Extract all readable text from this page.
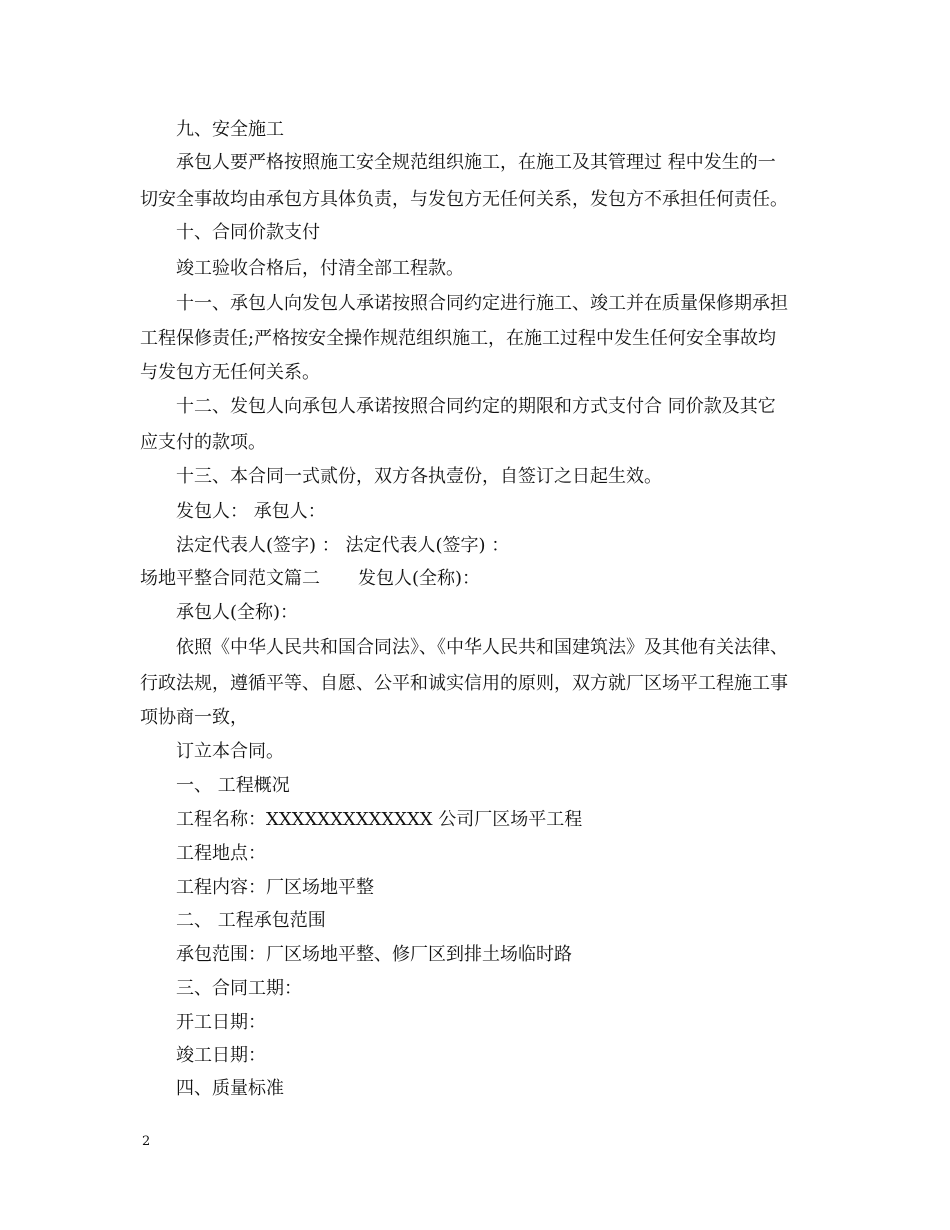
九、安全施工
承包人要严格按照施工安全规范组织施工，在施工及其管理过 程中发生的一
切安全事故均由承包方具体负责，与发包方无任何关系，发包方不承担任何责任。
十、合同价款支付
竣工验收合格后，付清全部工程款。
十一、承包人向发包人承诺按照合同约定进行施工、竣工并在质量保修期承担
工程保修责任;严格按安全操作规范组织施工，在施工过程中发生任何安全事故均
与发包方无任何关系。
十二、发包人向承包人承诺按照合同约定的期限和方式支付合 同价款及其它
应支付的款项。
十三、本合同一式贰份，双方各执壹份，自签订之日起生效。
发包人： 承包人：
法定代表人(签字) ： 法定代表人(签字) ：
场地平整合同范文篇二 发包人(全称)：
承包人(全称)：
依照《中华人民共和国合同法》、《中华人民共和国建筑法》及其他有关法律、
行政法规，遵循平等、自愿、公平和诚实信用的原则，双方就厂区场平工程施工事
项协商一致，
订立本合同。
一、 工程概况
工程名称：XXXXXXXXXXXXX 公司厂区场平工程
工程地点：
工程内容：厂区场地平整
二、 工程承包范围
承包范围：厂区场地平整、修厂区到排土场临时路
三、合同工期：
开工日期：
竣工日期：
四、质量标准
2
